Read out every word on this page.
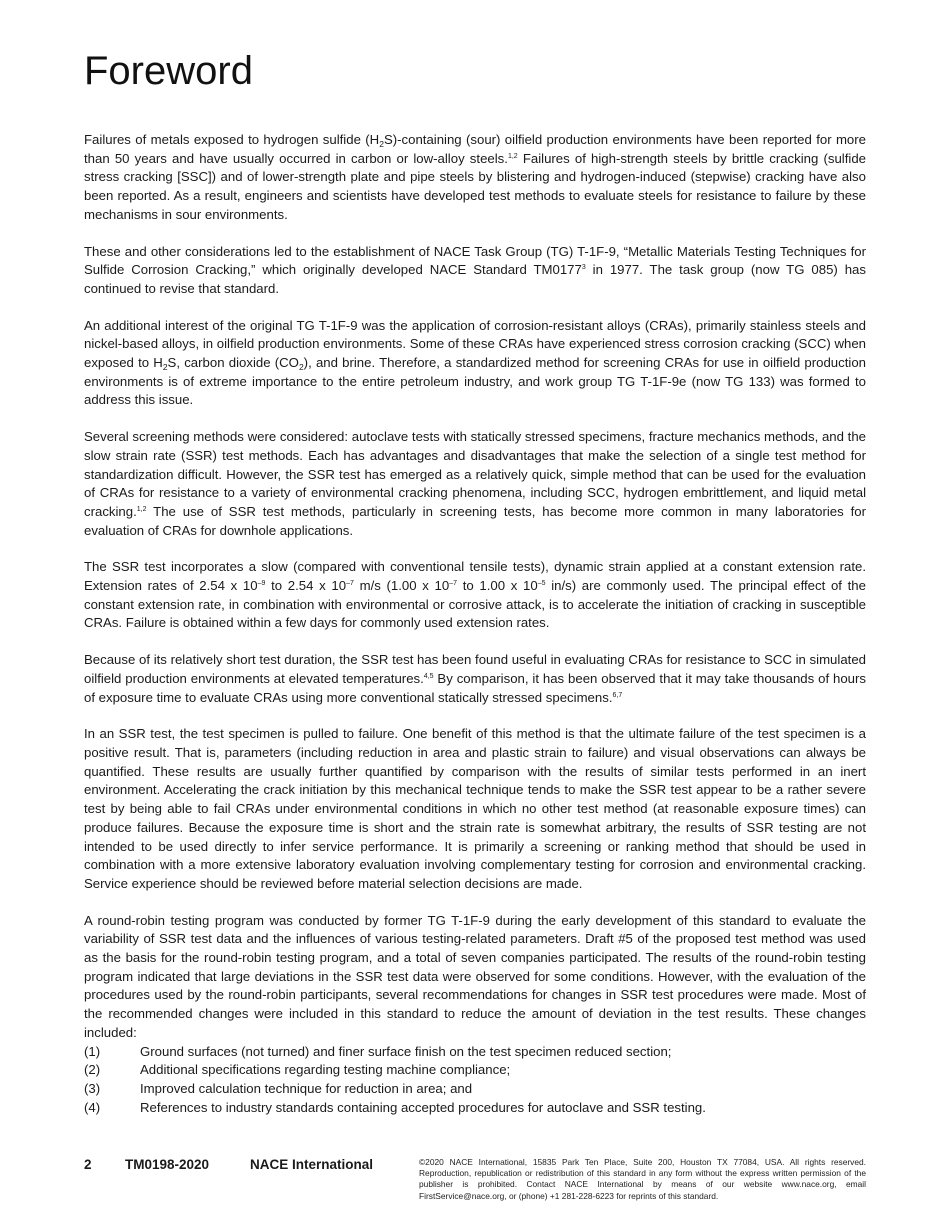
Foreword

Failures of metals exposed to hydrogen sulfide $(H_2S)$-containing (sour) oilfield production environments have been reported for more than 50 years and have usually occurred in carbon or low-alloy steels.$^{1,2}$ Failures of high-strength steels by brittle cracking (sulfide stress cracking [SSC]) and of lower-strength plate and pipe steels by blistering and hydrogen-induced (stepwise) cracking have also been reported. As a result, engineers and scientists have developed test methods to evaluate steels for resistance to failure by these mechanisms in sour environments.

These and other considerations led to the establishment of NACE Task Group (TG) T-1F-9, “Metallic Materials Testing Techniques for Sulfide Corrosion Cracking,” which originally developed NACE Standard TM0177$^3$ in 1977. The task group (now TG 085) has continued to revise that standard.

An additional interest of the original TG T-1F-9 was the application of corrosion-resistant alloys (CRAs), primarily stainless steels and nickel-based alloys, in oilfield production environments. Some of these CRAs have experienced stress corrosion cracking (SCC) when exposed to $H_2S$, carbon dioxide $(CO_2)$, and brine. Therefore, a standardized method for screening CRAs for use in oilfield production environments is of extreme importance to the entire petroleum industry, and work group TG T-1F-9e (now TG 133) was formed to address this issue.

Several screening methods were considered: autoclave tests with statically stressed specimens, fracture mechanics methods, and the slow strain rate (SSR) test methods. Each has advantages and disadvantages that make the selection of a single test method for standardization difficult. However, the SSR test has emerged as a relatively quick, simple method that can be used for the evaluation of CRAs for resistance to a variety of environmental cracking phenomena, including SCC, hydrogen embrittlement, and liquid metal cracking.$^{1,2}$ The use of SSR test methods, particularly in screening tests, has become more common in many laboratories for evaluation of CRAs for downhole applications.

The SSR test incorporates a slow (compared with conventional tensile tests), dynamic strain applied at a constant extension rate. Extension rates of 2.54 x $10^{-9}$ to 2.54 x $10^{-7}$ m/s (1.00 x $10^{-7}$ to 1.00 x $10^{-5}$ in/s) are commonly used. The principal effect of the constant extension rate, in combination with environmental or corrosive attack, is to accelerate the initiation of cracking in susceptible CRAs. Failure is obtained within a few days for commonly used extension rates.

Because of its relatively short test duration, the SSR test has been found useful in evaluating CRAs for resistance to SCC in simulated oilfield production environments at elevated temperatures.$^{4,5}$ By comparison, it has been observed that it may take thousands of hours of exposure time to evaluate CRAs using more conventional statically stressed specimens.$^{6,7}$

In an SSR test, the test specimen is pulled to failure. One benefit of this method is that the ultimate failure of the test specimen is a positive result. That is, parameters (including reduction in area and plastic strain to failure) and visual observations can always be quantified. These results are usually further quantified by comparison with the results of similar tests performed in an inert environment. Accelerating the crack initiation by this mechanical technique tends to make the SSR test appear to be a rather severe test by being able to fail CRAs under environmental conditions in which no other test method (at reasonable exposure times) can produce failures. Because the exposure time is short and the strain rate is somewhat arbitrary, the results of SSR testing are not intended to be used directly to infer service performance. It is primarily a screening or ranking method that should be used in combination with a more extensive laboratory evaluation involving complementary testing for corrosion and environmental cracking. Service experience should be reviewed before material selection decisions are made.

A round-robin testing program was conducted by former TG T-1F-9 during the early development of this standard to evaluate the variability of SSR test data and the influences of various testing-related parameters. Draft #5 of the proposed test method was used as the basis for the round-robin testing program, and a total of seven companies participated. The results of the round-robin testing program indicated that large deviations in the SSR test data were observed for some conditions. However, with the evaluation of the procedures used by the round-robin participants, several recommendations for changes in SSR test procedures were made. Most of the recommended changes were included in this standard to reduce the amount of deviation in the test results. These changes included:

(1)	Ground surfaces (not turned) and finer surface finish on the test specimen reduced section;
(2)	Additional specifications regarding testing machine compliance;
(3)	Improved calculation technique for reduction in area; and
(4)	References to industry standards containing accepted procedures for autoclave and SSR testing.
2 TM0198-2020	NACE International	©2020 NACE International, 15835 Park Ten Place, Suite 200, Houston TX 77084, USA. All rights reserved. Reproduction, republication or redistribution of this standard in any form without the express written permission of the publisher is prohibited. Contact NACE International by means of our website www.nace.org, email FirstService@nace.org, or (phone) +1 281-228-6223 for reprints of this standard.
